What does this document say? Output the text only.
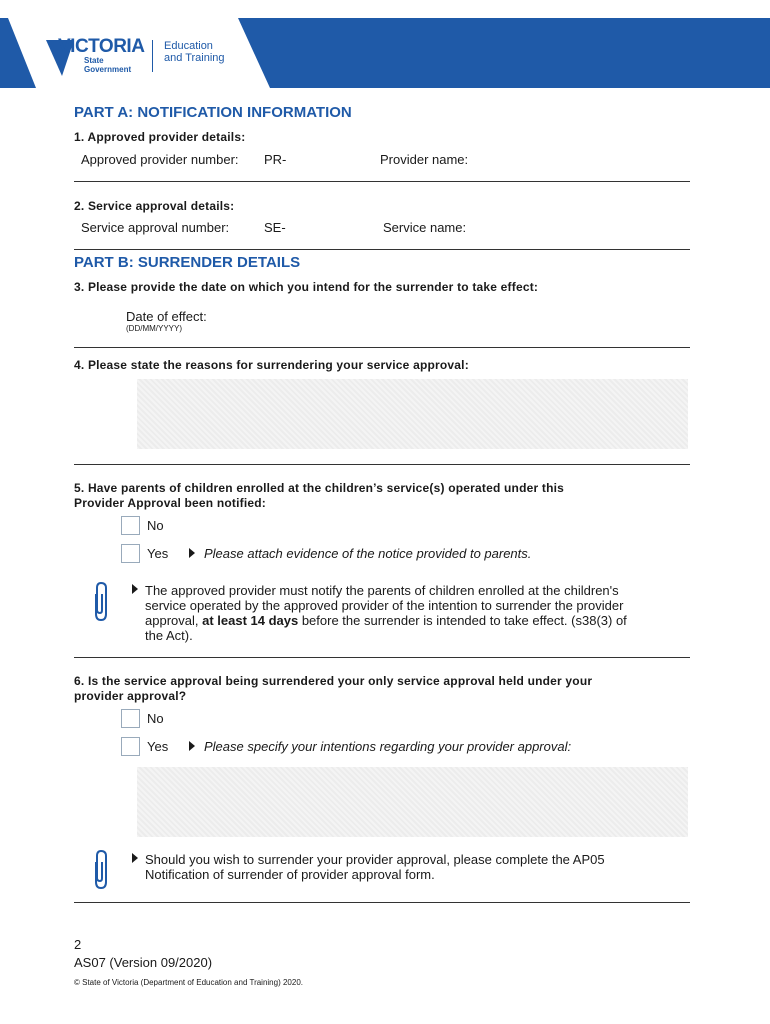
VICTORIA
State
Government
Education
and Training
PART A: NOTIFICATION INFORMATION
1. Approved provider details:
Approved provider number: PR-	Provider name:
2. Service approval details:
Service approval number:	SE-	Service name:
PART B: SURRENDER DETAILS
3. Please provide the date on which you intend for the surrender to take effect:
Date of effect:
(DD/MM/YYYY)
4. Please state the reasons for surrendering your service approval:
5. Have parents of children enrolled at the children’s service(s) operated under this
Provider Approval been notified:
No
Yes	Please attach evidence of the notice provided to parents.
The approved provider must notify the parents of children enrolled at the children's
service operated by the approved provider of the intention to surrender the provider
approval, at least 14 days before the surrender is intended to take effect. (s38(3) of
the Act).
6. Is the service approval being surrendered your only service approval held under your
provider approval?
No
Yes	Please specify your intentions regarding your provider approval:
Should you wish to surrender your provider approval, please complete the AP05
Notification of surrender of provider approval form.
2
AS07 (Version 09/2020)
© State of Victoria (Department of Education and Training) 2020.
